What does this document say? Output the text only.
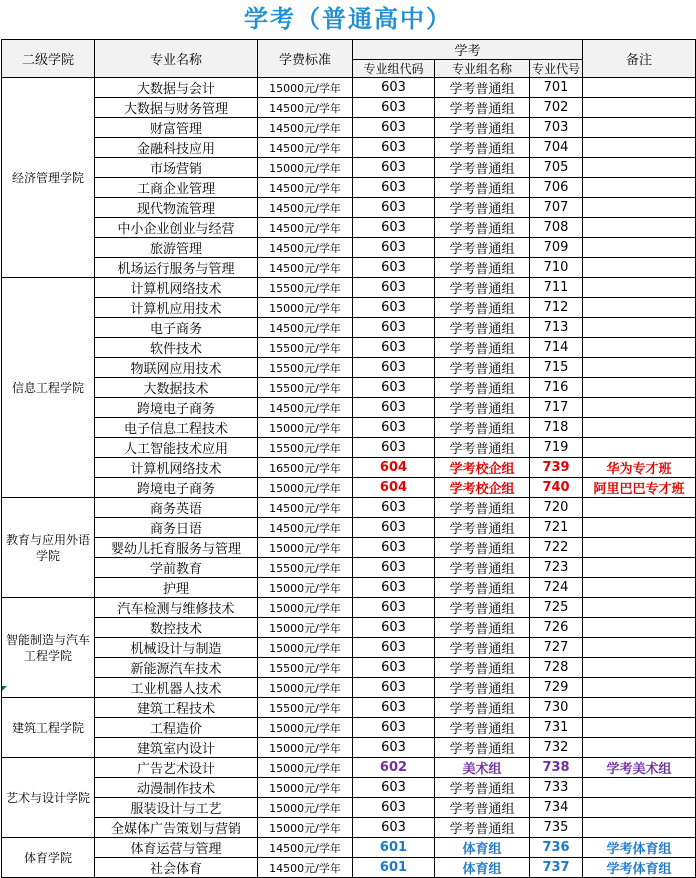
学考（普通高中）
二级学院	专业名称	学费标准	学考			备注
			专业组代码	专业组名称	专业代号	
经济管理学院	大数据与会计	15000元/学年	603	学考普通组	701	
	大数据与财务管理	14500元/学年	603	学考普通组	702	
	财富管理	14500元/学年	603	学考普通组	703	
	金融科技应用	14500元/学年	603	学考普通组	704	
	市场营销	15000元/学年	603	学考普通组	705	
	工商企业管理	14500元/学年	603	学考普通组	706	
	现代物流管理	14500元/学年	603	学考普通组	707	
	中小企业创业与经营	14500元/学年	603	学考普通组	708	
	旅游管理	14500元/学年	603	学考普通组	709	
	机场运行服务与管理	14500元/学年	603	学考普通组	710	
信息工程学院	计算机网络技术	15500元/学年	603	学考普通组	711	
	计算机应用技术	15000元/学年	603	学考普通组	712	
	电子商务	14500元/学年	603	学考普通组	713	
	软件技术	15500元/学年	603	学考普通组	714	
	物联网应用技术	15500元/学年	603	学考普通组	715	
	大数据技术	15500元/学年	603	学考普通组	716	
	跨境电子商务	14500元/学年	603	学考普通组	717	
	电子信息工程技术	15000元/学年	603	学考普通组	718	
	人工智能技术应用	15500元/学年	603	学考普通组	719	
	计算机网络技术	16500元/学年	604	学考校企组	739	华为专才班
	跨境电子商务	15000元/学年	604	学考校企组	740	阿里巴巴专才班
教育与应用外语学院	商务英语	14500元/学年	603	学考普通组	720	
	商务日语	14500元/学年	603	学考普通组	721	
	婴幼儿托育服务与管理	15000元/学年	603	学考普通组	722	
	学前教育	15500元/学年	603	学考普通组	723	
	护理	15000元/学年	603	学考普通组	724	
智能制造与汽车工程学院	汽车检测与维修技术	15000元/学年	603	学考普通组	725	
	数控技术	15000元/学年	603	学考普通组	726	
	机械设计与制造	15000元/学年	603	学考普通组	727	
	新能源汽车技术	15500元/学年	603	学考普通组	728	
	工业机器人技术	15000元/学年	603	学考普通组	729	
建筑工程学院	建筑工程技术	15500元/学年	603	学考普通组	730	
	工程造价	15000元/学年	603	学考普通组	731	
	建筑室内设计	15000元/学年	603	学考普通组	732	
艺术与设计学院	广告艺术设计	15000元/学年	602	美术组	738	学考美术组
	动漫制作技术	15000元/学年	603	学考普通组	733	
	服装设计与工艺	15000元/学年	603	学考普通组	734	
	全媒体广告策划与营销	15000元/学年	603	学考普通组	735	
体育学院	体育运营与管理	14500元/学年	601	体育组	736	学考体育组
	社会体育	14500元/学年	601	体育组	737	学考体育组
